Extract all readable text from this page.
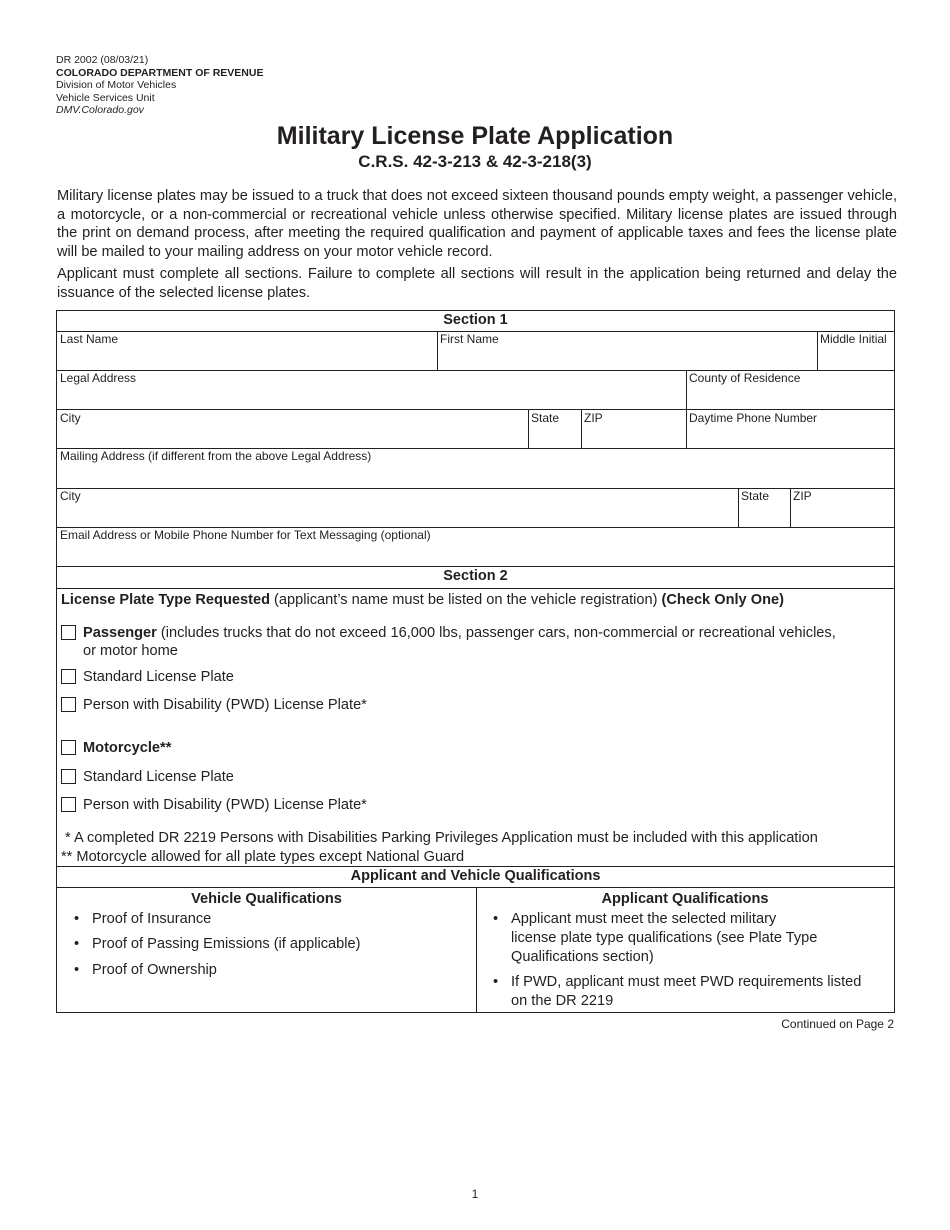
DR 2002 (08/03/21)
COLORADO DEPARTMENT OF REVENUE
Division of Motor Vehicles
Vehicle Services Unit
DMV.Colorado.gov
Military License Plate Application
C.R.S. 42-3-213 & 42-3-218(3)
Military license plates may be issued to a truck that does not exceed sixteen thousand pounds empty weight, a passenger vehicle, a motorcycle, or a non-commercial or recreational vehicle unless otherwise specified. Military license plates are issued through the print on demand process, after meeting the required qualification and payment of applicable taxes and fees the license plate will be mailed to your mailing address on your motor vehicle record.
Applicant must complete all sections. Failure to complete all sections will result in the application being returned and delay the issuance of the selected license plates.
Section 1
Last Name	First Name	Middle Initial
Legal Address	County of Residence
City	State ZIP	Daytime Phone Number
Mailing Address (if different from the above Legal Address)
City	State ZIP
Email Address or Mobile Phone Number for Text Messaging (optional)
Section 2
License Plate Type Requested (applicant’s name must be listed on the vehicle registration) (Check Only One)
Passenger (includes trucks that do not exceed 16,000 lbs, passenger cars, non-commercial or recreational vehicles,
or motor home
Standard License Plate
Person with Disability (PWD) License Plate*
Motorcycle**
Standard License Plate
Person with Disability (PWD) License Plate*
* A completed DR 2219 Persons with Disabilities Parking Privileges Application must be included with this application
** Motorcycle allowed for all plate types except National Guard
Applicant and Vehicle Qualifications
Vehicle Qualifications
• Proof of Insurance
• Proof of Passing Emissions (if applicable)
• Proof of Ownership
Applicant Qualifications
• Applicant must meet the selected military
license plate type qualifications (see Plate Type
Qualifications section)
• If PWD, applicant must meet PWD requirements listed
on the DR 2219
Continued on Page 2
1
